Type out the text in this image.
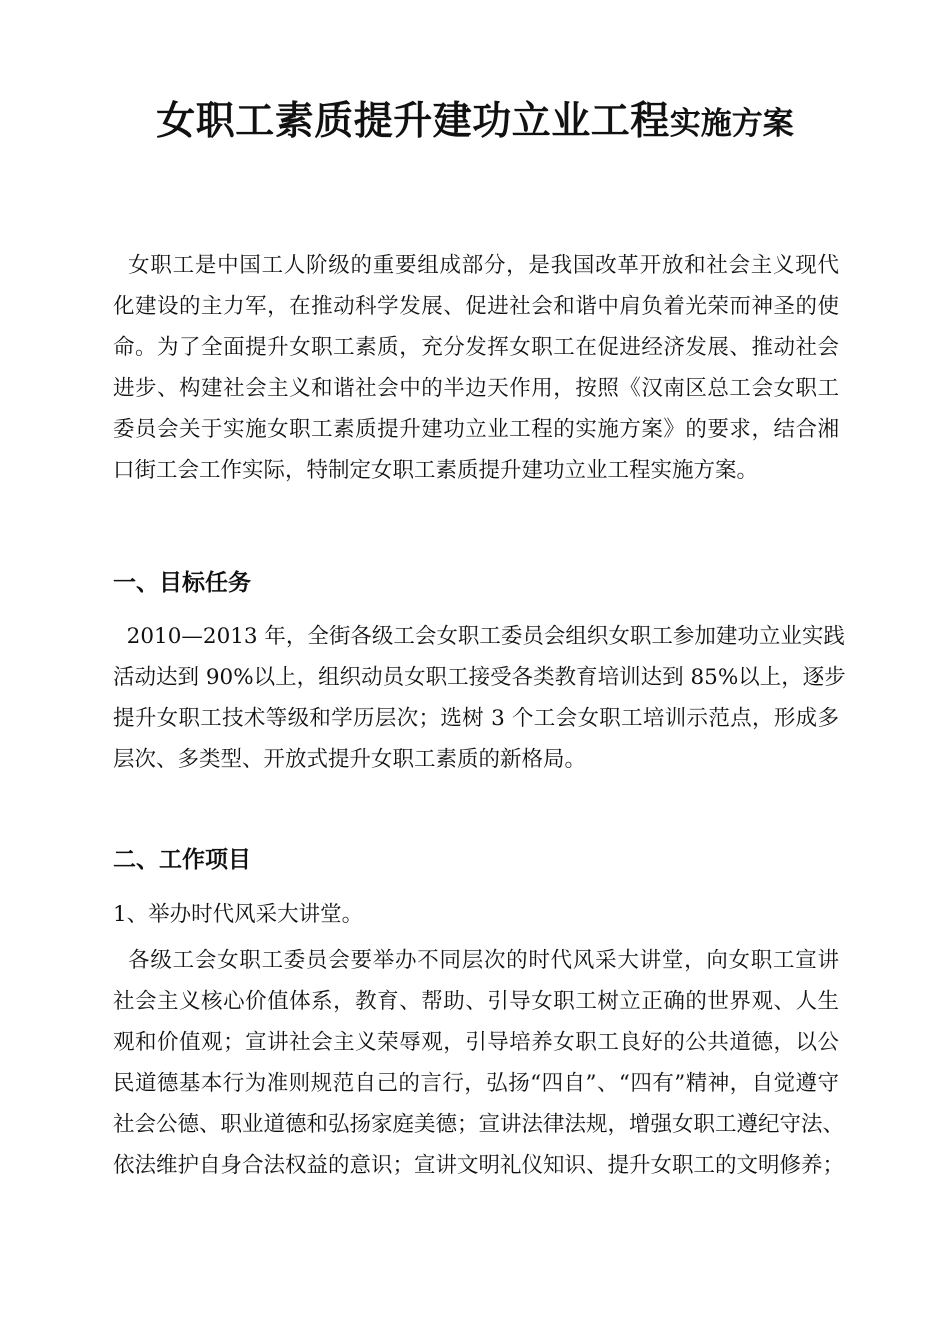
女职工素质提升建功立业工程实施方案
女职工是中国工人阶级的重要组成部分，是我国改革开放和社会主义现代
化建设的主力军，在推动科学发展、促进社会和谐中肩负着光荣而神圣的使
命。为了全面提升女职工素质，充分发挥女职工在促进经济发展、推动社会
进步、构建社会主义和谐社会中的半边天作用，按照《汉南区总工会女职工
委员会关于实施女职工素质提升建功立业工程的实施方案》的要求，结合湘
口街工会工作实际，特制定女职工素质提升建功立业工程实施方案。
一、目标任务
2010—2013 年，全街各级工会女职工委员会组织女职工参加建功立业实践
活动达到 90%以上，组织动员女职工接受各类教育培训达到 85%以上，逐步
提升女职工技术等级和学历层次；选树 3 个工会女职工培训示范点，形成多
层次、多类型、开放式提升女职工素质的新格局。
二、工作项目
1、举办时代风采大讲堂。
各级工会女职工委员会要举办不同层次的时代风采大讲堂，向女职工宣讲
社会主义核心价值体系，教育、帮助、引导女职工树立正确的世界观、人生
观和价值观；宣讲社会主义荣辱观，引导培养女职工良好的公共道德，以公
民道德基本行为准则规范自己的言行，弘扬“四自”、“四有”精神，自觉遵守
社会公德、职业道德和弘扬家庭美德；宣讲法律法规，增强女职工遵纪守法、
依法维护自身合法权益的意识；宣讲文明礼仪知识、提升女职工的文明修养；
